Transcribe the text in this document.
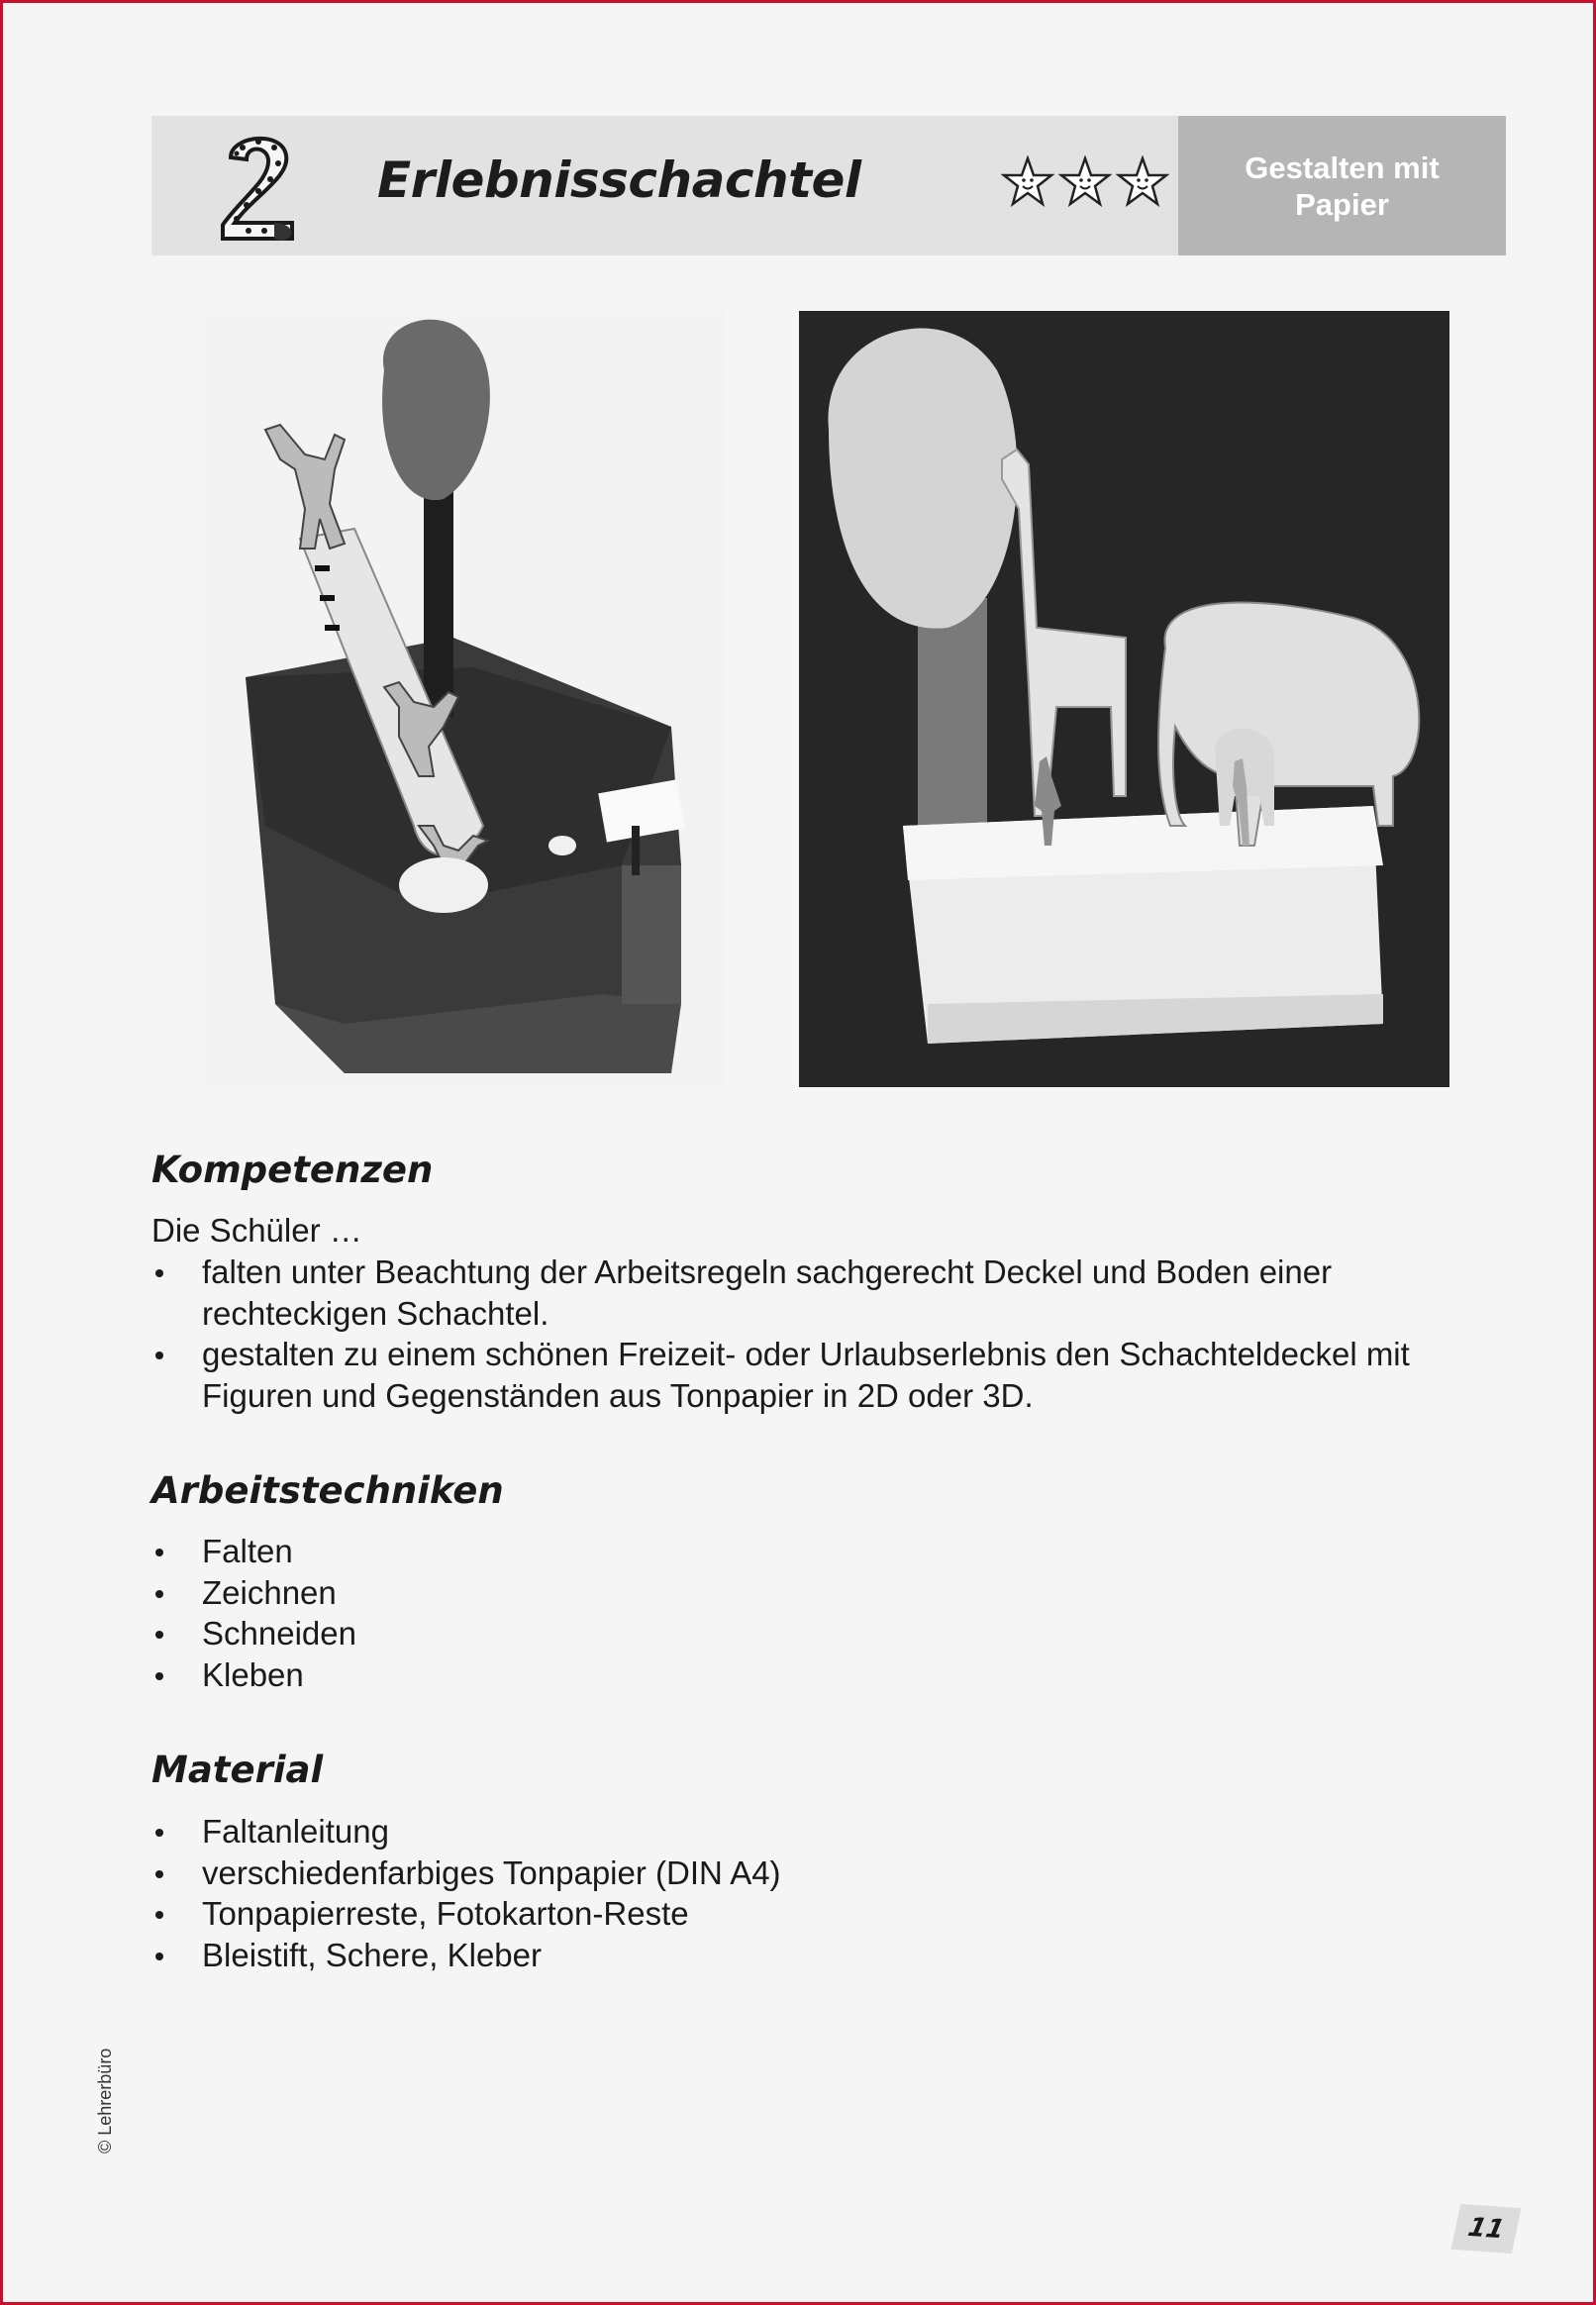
Erlebnisschachtel	Gestalten mit
Papier
Kompetenzen
Die Schüler …
falten unter Beachtung der Arbeitsregeln sachgerecht Deckel und Boden einer rechteckigen Schachtel.
gestalten zu einem schönen Freizeit- oder Urlaubserlebnis den Schachteldeckel mit Figuren und Gegenständen aus Tonpapier in 2D oder 3D.
Arbeitstechniken
Falten
Zeichnen
Schneiden
Kleben
Material
Faltanleitung
verschiedenfarbiges Tonpapier (DIN A4)
Tonpapierreste, Fotokarton-Reste
Bleistift, Schere, Kleber
© Lehrerbüro
11
